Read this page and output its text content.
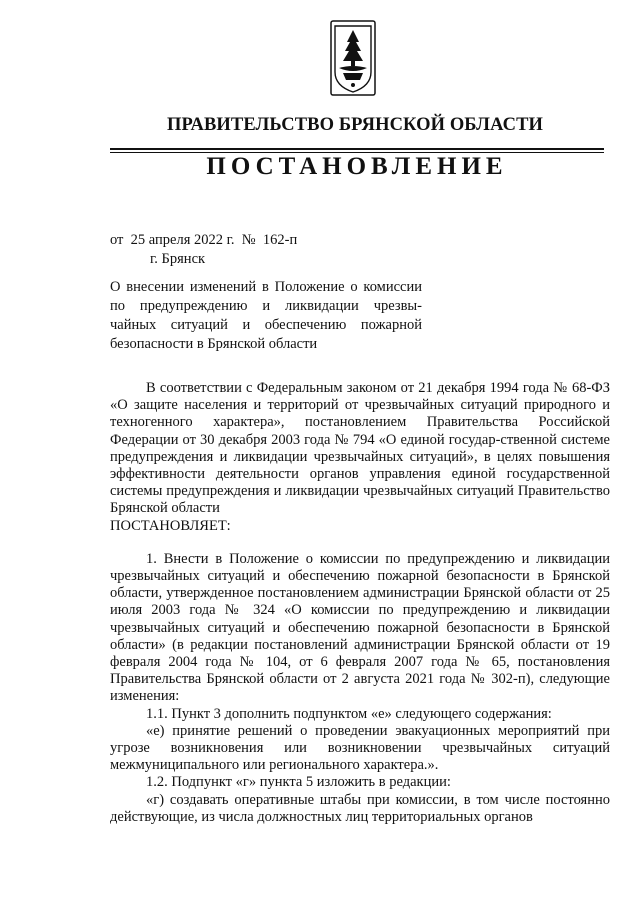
ПРАВИТЕЛЬСТВО БРЯНСКОЙ ОБЛАСТИ
ПОСТАНОВЛЕНИЕ
от  25 апреля 2022 г.  №  162-п
г. Брянск
О внесении изменений в Положение о комиссии по предупреждению и ликвидации чрезвы-чайных ситуаций и обеспечению пожарной безопасности в Брянской области

В соответствии с Федеральным законом от 21 декабря 1994 года № 68-ФЗ «О защите населения и территорий от чрезвычайных ситуаций природного и техногенного характера», постановлением Правительства Российской Федерации от 30 декабря 2003 года № 794 «О единой государ-ственной системе предупреждения и ликвидации чрезвычайных ситуаций», в целях повышения эффективности деятельности органов управления единой государственной системы предупреждения и ликвидации чрезвычайных ситуаций Правительство Брянской области

ПОСТАНОВЛЯЕТ:

1. Внести в Положение о комиссии по предупреждению и ликвидации чрезвычайных ситуаций и обеспечению пожарной безопасности в Брянской области, утвержденное постановлением администрации Брянской области от 25 июля 2003 года № 324 «О комиссии по предупреждению и ликвидации чрезвычайных ситуаций и обеспечению пожарной безопасности в Брянской области» (в редакции постановлений администрации Брянской области от 19 февраля 2004 года № 104, от 6 февраля 2007 года № 65, постановления Правительства Брянской области от 2 августа 2021 года № 302-п), следующие изменения:

1.1. Пункт 3 дополнить подпунктом «е» следующего содержания:

«е) принятие решений о проведении эвакуационных мероприятий при угрозе возникновения или возникновении чрезвычайных ситуаций межмуниципального или регионального характера.».

1.2. Подпункт «г» пункта 5 изложить в редакции:

«г) создавать оперативные штабы при комиссии, в том числе постоянно действующие, из числа должностных лиц территориальных органов
